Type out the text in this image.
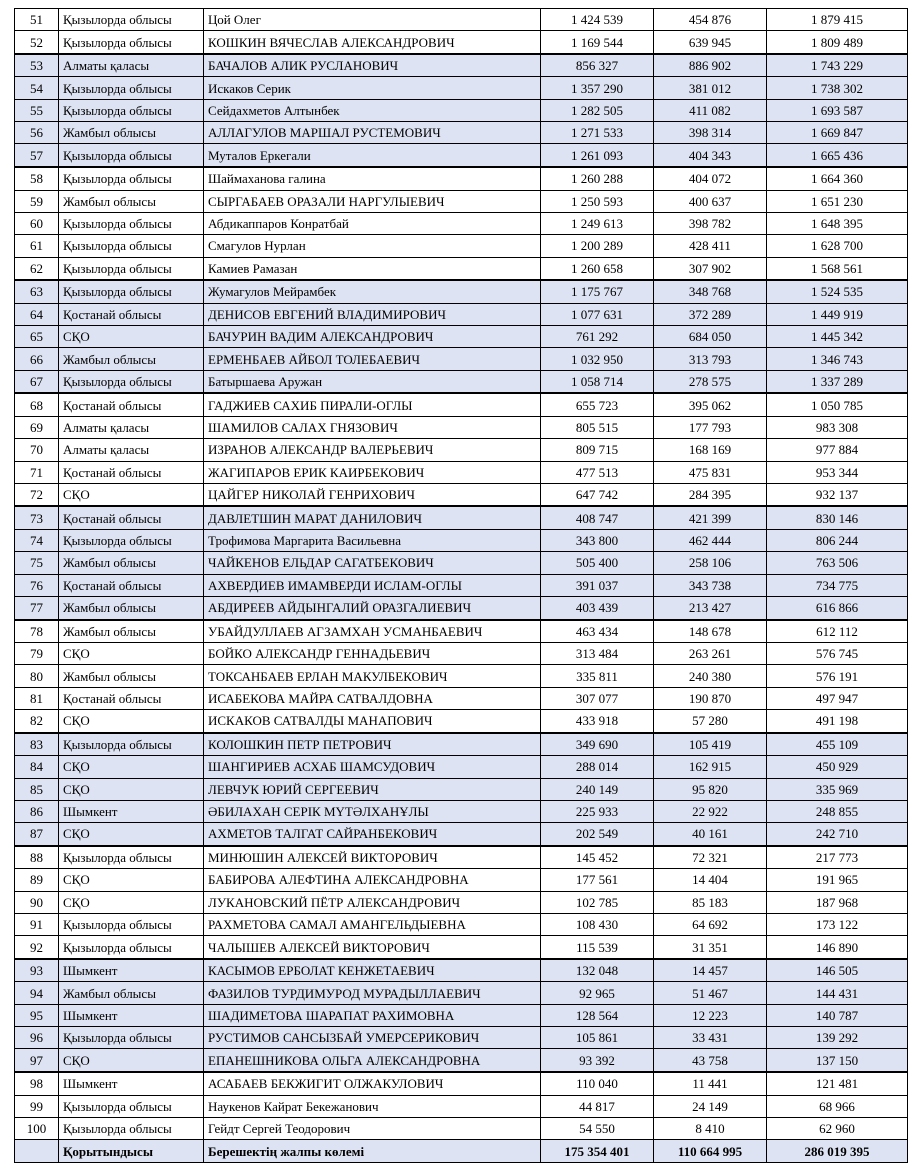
51	Қызылорда облысы	Цой Олег	1 424 539	454 876	1 879 415
52	Қызылорда облысы	КОШКИН ВЯЧЕСЛАВ АЛЕКСАНДРОВИЧ	1 169 544	639 945	1 809 489
53	Алматы қаласы	БАЧАЛОВ АЛИК РУСЛАНОВИЧ	856 327	886 902	1 743 229
54	Қызылорда облысы	Искаков Серик	1 357 290	381 012	1 738 302
55	Қызылорда облысы	Сейдахметов Алтынбек	1 282 505	411 082	1 693 587
56	Жамбыл облысы	АЛЛАГУЛОВ МАРШАЛ РУСТЕМОВИЧ	1 271 533	398 314	1 669 847
57	Қызылорда облысы	Муталов Еркегали	1 261 093	404 343	1 665 436
58	Қызылорда облысы	Шаймаханова галина	1 260 288	404 072	1 664 360
59	Жамбыл облысы	СЫРГАБАЕВ ОРАЗАЛИ НАРГУЛЫЕВИЧ	1 250 593	400 637	1 651 230
60	Қызылорда облысы	Абдикаппаров Конратбай	1 249 613	398 782	1 648 395
61	Қызылорда облысы	Смагулов Нурлан	1 200 289	428 411	1 628 700
62	Қызылорда облысы	Камиев Рамазан	1 260 658	307 902	1 568 561
63	Қызылорда облысы	Жумагулов Мейрамбек	1 175 767	348 768	1 524 535
64	Қостанай облысы	ДЕНИСОВ ЕВГЕНИЙ ВЛАДИМИРОВИЧ	1 077 631	372 289	1 449 919
65	СҚО	БАЧУРИН ВАДИМ АЛЕКСАНДРОВИЧ	761 292	684 050	1 445 342
66	Жамбыл облысы	ЕРМЕНБАЕВ АЙБОЛ ТОЛЕБАЕВИЧ	1 032 950	313 793	1 346 743
67	Қызылорда облысы	Батыршаева Аружан	1 058 714	278 575	1 337 289
68	Қостанай облысы	ГАДЖИЕВ САХИБ ПИРАЛИ-ОГЛЫ	655 723	395 062	1 050 785
69	Алматы қаласы	ШАМИЛОВ САЛАХ ГНЯЗОВИЧ	805 515	177 793	983 308
70	Алматы қаласы	ИЗРАНОВ АЛЕКСАНДР ВАЛЕРЬЕВИЧ	809 715	168 169	977 884
71	Қостанай облысы	ЖАГИПАРОВ ЕРИК КАИРБЕКОВИЧ	477 513	475 831	953 344
72	СҚО	ЦАЙГЕР НИКОЛАЙ ГЕНРИХОВИЧ	647 742	284 395	932 137
73	Қостанай облысы	ДАВЛЕТШИН МАРАТ ДАНИЛОВИЧ	408 747	421 399	830 146
74	Қызылорда облысы	Трофимова Маргарита Васильевна	343 800	462 444	806 244
75	Жамбыл облысы	ЧАЙКЕНОВ ЕЛЬДАР САГАТБЕКОВИЧ	505 400	258 106	763 506
76	Қостанай облысы	АХВЕРДИЕВ ИМАМВЕРДИ ИСЛАМ-ОГЛЫ	391 037	343 738	734 775
77	Жамбыл облысы	АБДИРЕЕВ АЙДЫНГАЛИЙ ОРАЗГАЛИЕВИЧ	403 439	213 427	616 866
78	Жамбыл облысы	УБАЙДУЛЛАЕВ АГЗАМХАН УСМАНБАЕВИЧ	463 434	148 678	612 112
79	СҚО	БОЙКО АЛЕКСАНДР ГЕННАДЬЕВИЧ	313 484	263 261	576 745
80	Жамбыл облысы	ТОКСАНБАЕВ ЕРЛАН МАКУЛБЕКОВИЧ	335 811	240 380	576 191
81	Қостанай облысы	ИСАБЕКОВА МАЙРА САТВАЛДОВНА	307 077	190 870	497 947
82	СҚО	ИСКАКОВ САТВАЛДЫ МАНАПОВИЧ	433 918	57 280	491 198
83	Қызылорда облысы	КОЛОШКИН ПЕТР ПЕТРОВИЧ	349 690	105 419	455 109
84	СҚО	ШАНГИРИЕВ АСХАБ ШАМСУДОВИЧ	288 014	162 915	450 929
85	СҚО	ЛЕВЧУК ЮРИЙ СЕРГЕЕВИЧ	240 149	95 820	335 969
86	Шымкент	ӘБИЛАХАН СЕРІК МҮТӘЛХАНҰЛЫ	225 933	22 922	248 855
87	СҚО	АХМЕТОВ ТАЛГАТ САЙРАНБЕКОВИЧ	202 549	40 161	242 710
88	Қызылорда облысы	МИНЮШИН АЛЕКСЕЙ ВИКТОРОВИЧ	145 452	72 321	217 773
89	СҚО	БАБИРОВА АЛЕФТИНА АЛЕКСАНДРОВНА	177 561	14 404	191 965
90	СҚО	ЛУКАНОВСКИЙ ПЁТР АЛЕКСАНДРОВИЧ	102 785	85 183	187 968
91	Қызылорда облысы	РАХМЕТОВА САМАЛ АМАНГЕЛЬДЫЕВНА	108 430	64 692	173 122
92	Қызылорда облысы	ЧАЛЫШЕВ АЛЕКСЕЙ ВИКТОРОВИЧ	115 539	31 351	146 890
93	Шымкент	КАСЫМОВ ЕРБОЛАТ КЕНЖЕТАЕВИЧ	132 048	14 457	146 505
94	Жамбыл облысы	ФАЗИЛОВ ТУРДИМУРОД МУРАДЫЛЛАЕВИЧ	92 965	51 467	144 431
95	Шымкент	ШАДИМЕТОВА ШАРАПАТ РАХИМОВНА	128 564	12 223	140 787
96	Қызылорда облысы	РУСТИМОВ САНСЫЗБАЙ УМЕРСЕРИКОВИЧ	105 861	33 431	139 292
97	СҚО	ЕПАНЕШНИКОВА ОЛЬГА АЛЕКСАНДРОВНА	93 392	43 758	137 150
98	Шымкент	АСАБАЕВ БЕКЖИГИТ ОЛЖАКУЛОВИЧ	110 040	11 441	121 481
99	Қызылорда облысы	Наукенов Кайрат Бекежанович	44 817	24 149	68 966
100	Қызылорда облысы	Гейдт Сергей Теодорович	54 550	8 410	62 960
	Қорытындысы	Берешектің жалпы көлемі	175 354 401	110 664 995	286 019 395
